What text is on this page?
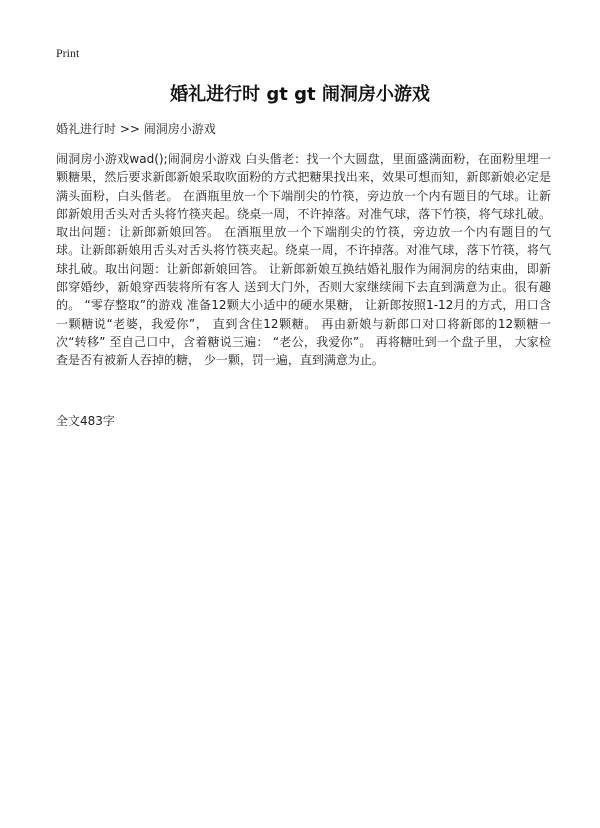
Print
婚礼进行时 gt gt 闹洞房小游戏
婚礼进行时 >> 闹洞房小游戏
闹洞房小游戏wad();闹洞房小游戏 白头偕老：找一个大圆盘，里面盛满面粉，在面粉里埋一颗糖果，然后要求新郎新娘采取吹面粉的方式把糖果找出来，效果可想而知，新郎新娘必定是满头面粉，白头偕老。 在酒瓶里放一个下端削尖的竹筷，旁边放一个内有题目的气球。让新郎新娘用舌头对舌头将竹筷夹起。绕桌一周，不许掉落。对准气球，落下竹筷，将气球扎破。取出问题：让新郎新娘回答。 在酒瓶里放一个下端削尖的竹筷，旁边放一个内有题目的气球。让新郎新娘用舌头对舌头将竹筷夹起。绕桌一周，不许掉落。对准气球，落下竹筷，将气球扎破。取出问题：让新郎新娘回答。 让新郎新娘互换结婚礼服作为闹洞房的结束曲，即新郎穿婚纱，新娘穿西装将所有客人 送到大门外，否则大家继续闹下去直到满意为止。很有趣的。 “零存整取”的游戏 准备12颗大小适中的硬水果糖， 让新郎按照1-12月的方式，用口含一颗糖说“老婆，我爱你”， 直到含住12颗糖。 再由新娘与新郎口对口将新郎的12颗糖一次“转移” 至自己口中，含着糖说三遍： “老公，我爱你”。 再将糖吐到一个盘子里， 大家检查是否有被新人吞掉的糖， 少一颗，罚一遍，直到满意为止。
全文483字
